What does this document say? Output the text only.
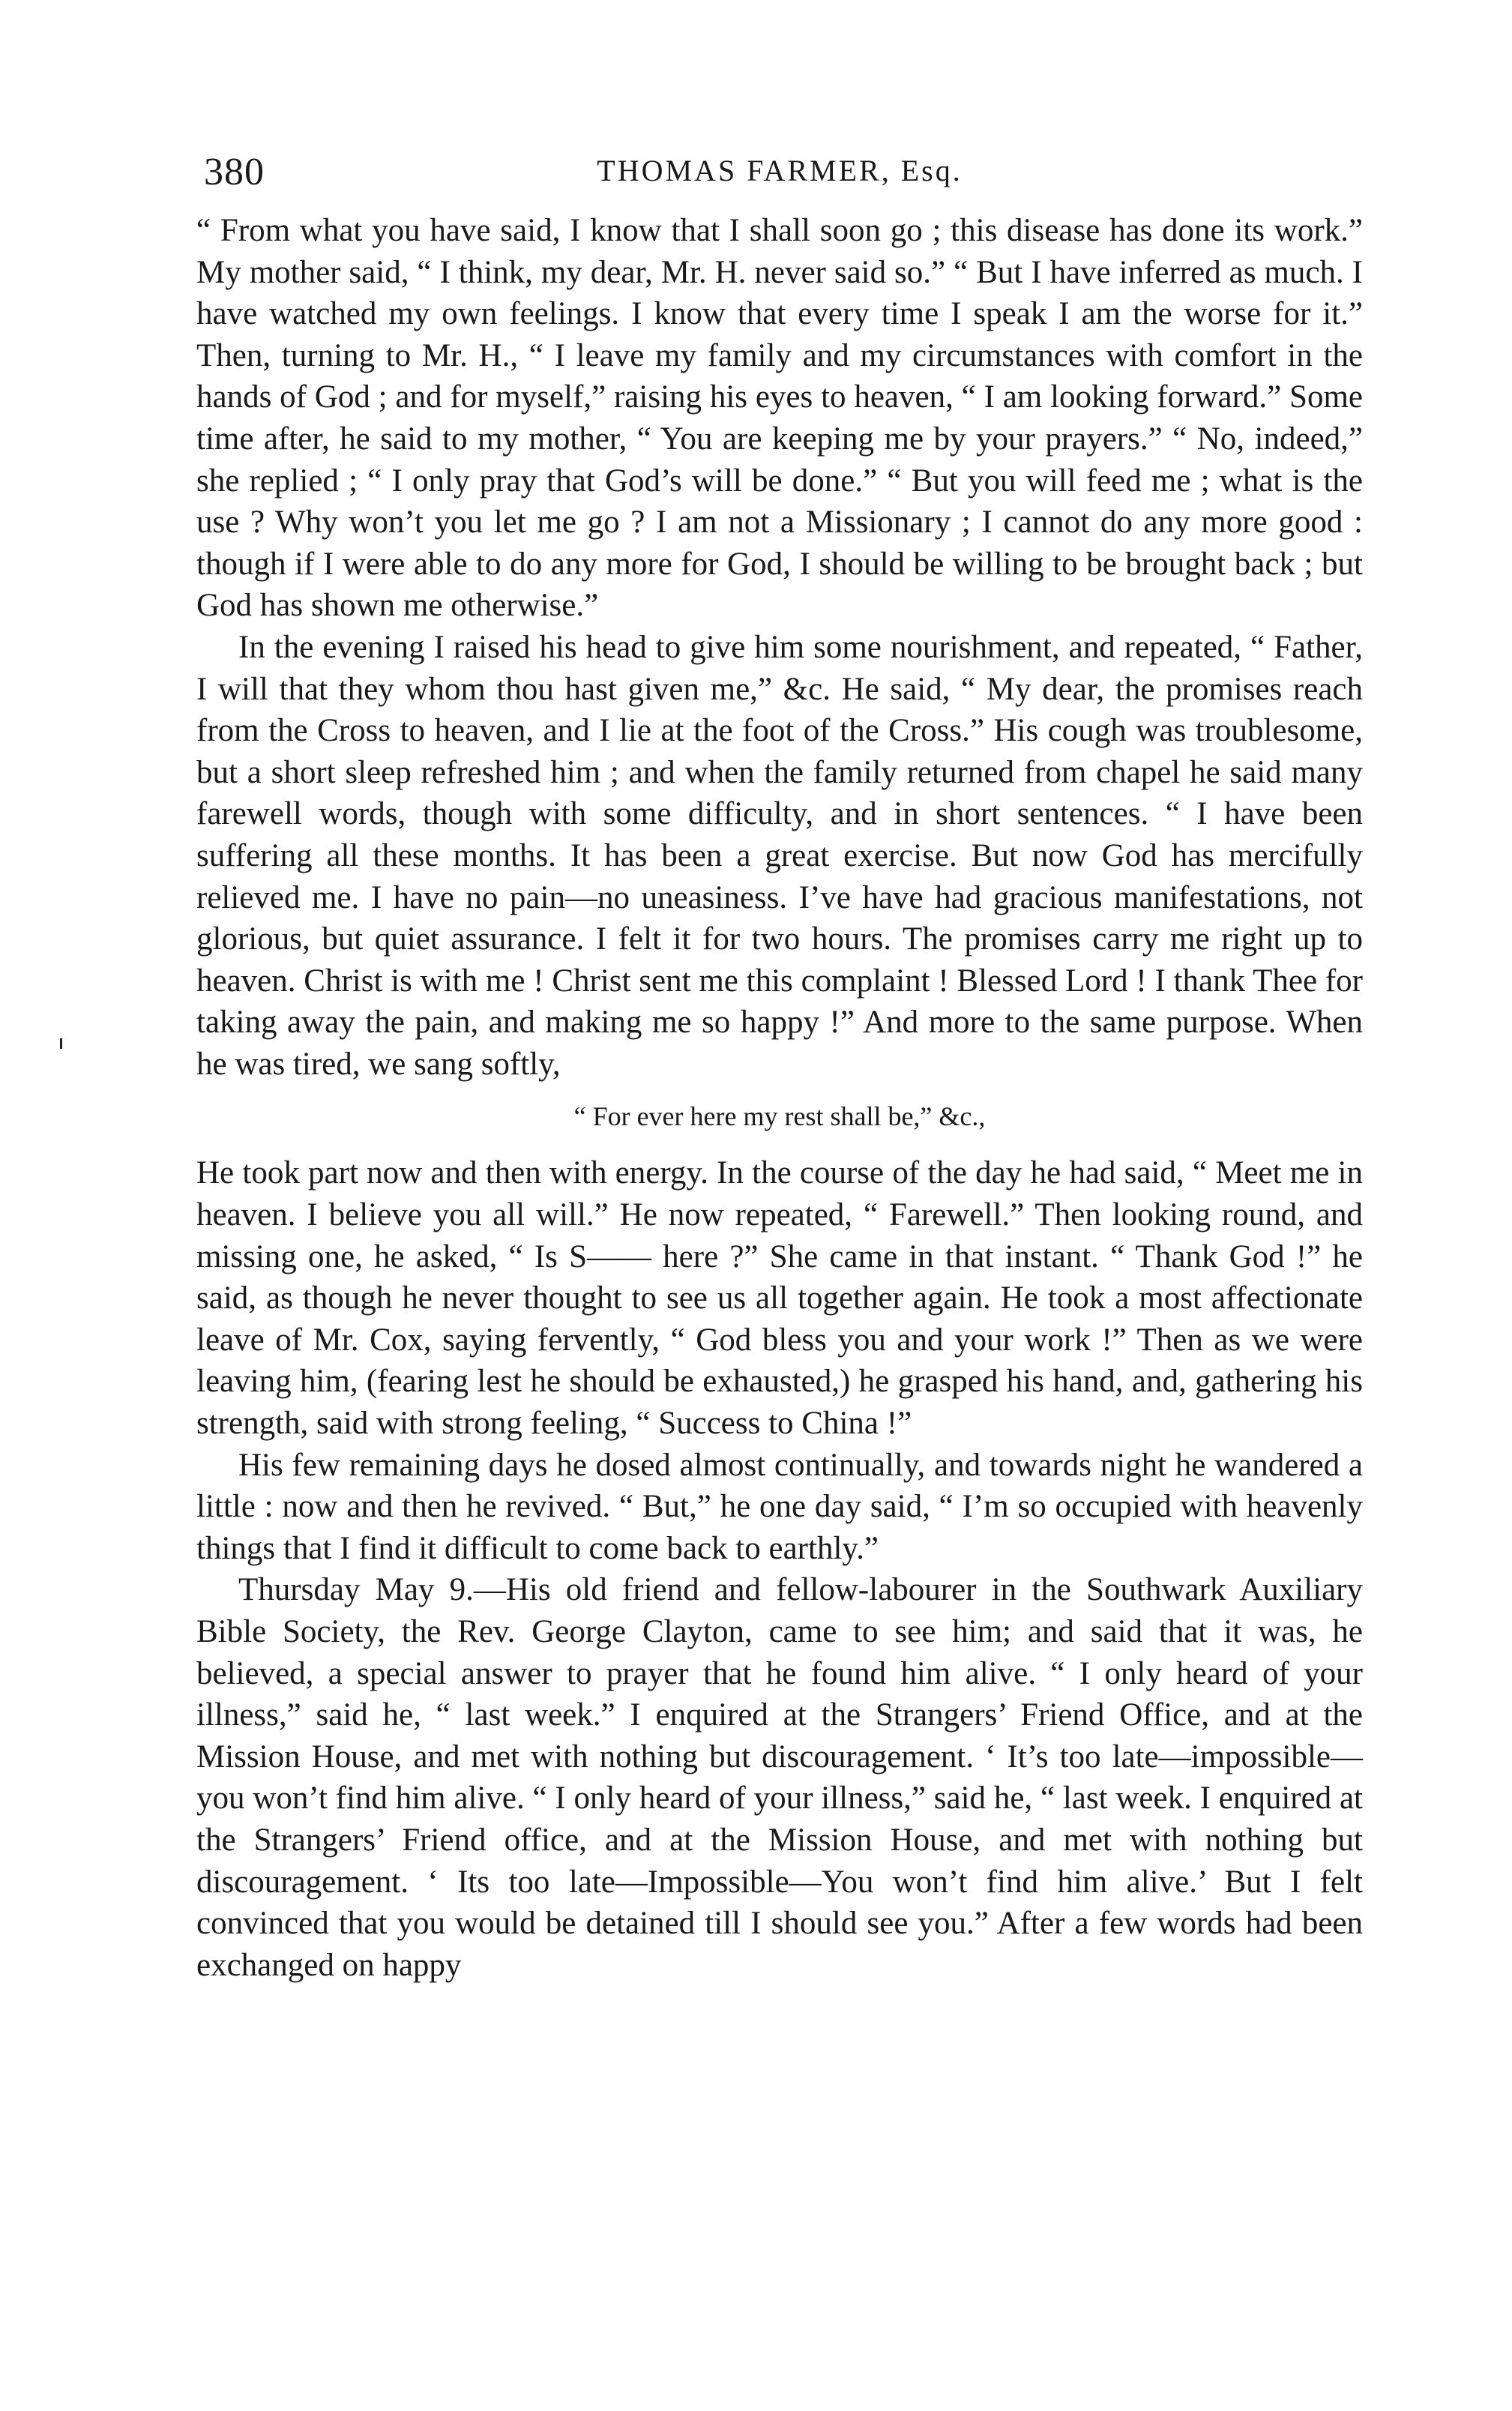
380	THOMAS FARMER, Esq.

“ From what you have said, I know that I shall soon go ; this disease has done its work.” My mother said, “ I think, my dear, Mr. H. never said so.” “ But I have inferred as much. I have watched my own feelings. I know that every time I speak I am the worse for it.” Then, turning to Mr. H., “ I leave my family and my circumstances with comfort in the hands of God ; and for myself,” raising his eyes to heaven, “ I am looking forward.” Some time after, he said to my mother, “ You are keeping me by your prayers.” “ No, indeed,” she replied ; “ I only pray that God’s will be done.” “ But you will feed me ; what is the use ? Why won’t you let me go ? I am not a Missionary ; I cannot do any more good : though if I were able to do any more for God, I should be willing to be brought back ; but God has shown me otherwise.”

In the evening I raised his head to give him some nourishment, and repeated, “ Father, I will that they whom thou hast given me,” &c. He said, “ My dear, the promises reach from the Cross to heaven, and I lie at the foot of the Cross.” His cough was troublesome, but a short sleep refreshed him ; and when the family returned from chapel he said many farewell words, though with some difficulty, and in short sentences. “ I have been suffering all these months. It has been a great exercise. But now God has mercifully relieved me. I have no pain—no uneasiness. I’ve have had gracious manifestations, not glorious, but quiet assurance. I felt it for two hours. The promises carry me right up to heaven. Christ is with me ! Christ sent me this complaint ! Blessed Lord ! I thank Thee for taking away the pain, and making me so happy !” And more to the same purpose. When he was tired, we sang softly,

“ For ever here my rest shall be,” &c.,

He took part now and then with energy. In the course of the day he had said, “ Meet me in heaven. I believe you all will.” He now repeated, “ Farewell.” Then looking round, and missing one, he asked, “ Is S—— here ?” She came in that instant. “ Thank God !” he said, as though he never thought to see us all together again. He took a most affectionate leave of Mr. Cox, saying fervently, “ God bless you and your work !” Then as we were leaving him, (fearing lest he should be exhausted,) he grasped his hand, and, gathering his strength, said with strong feeling, “ Success to China !”

His few remaining days he dosed almost continually, and towards night he wandered a little : now and then he revived. “ But,” he one day said, “ I’m so occupied with heavenly things that I find it difficult to come back to earthly.”

Thursday May 9.—His old friend and fellow-labourer in the Southwark Auxiliary Bible Society, the Rev. George Clayton, came to see him; and said that it was, he believed, a special answer to prayer that he found him alive. “ I only heard of your illness,” said he, “ last week.” I enquired at the Strangers’ Friend Office, and at the Mission House, and met with nothing but discouragement. ‘ It’s too late—impossible—you won’t find him alive. “ I only heard of your illness,” said he, “ last week. I enquired at the Strangers’ Friend office, and at the Mission House, and met with nothing but discouragement. ‘ Its too late—Impossible—You won’t find him alive.’ But I felt convinced that you would be detained till I should see you.” After a few words had been exchanged on happy
